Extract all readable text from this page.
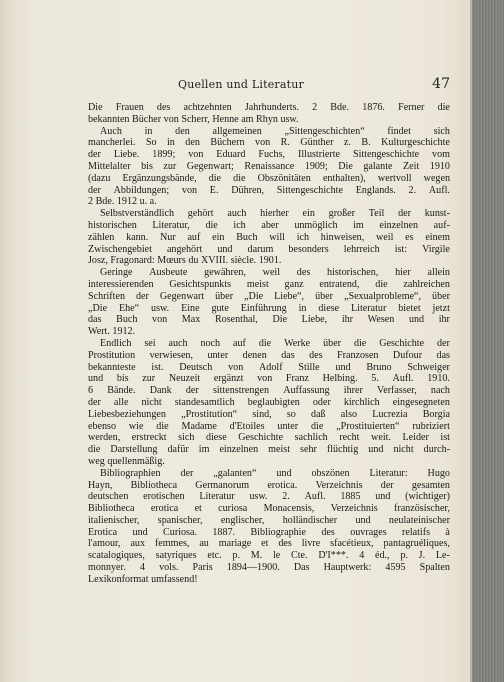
Quellen und Literatur	47
Die Frauen des achtzehnten Jahrhunderts. 2 Bde. 1876. Ferner die
bekannten Bücher von Scherr, Henne am Rhyn usw.
Auch in den allgemeinen „Sittengeschichten“ findet sich
mancherlei. So in den Büchern von R. Günther z. B. Kulturgeschichte
der Liebe. 1899; von Eduard Fuchs, Illustrierte Sittengeschichte vom
Mittelalter bis zur Gegenwart; Renaissance 1909; Die galante Zeit 1910
(dazu Ergänzungsbände, die die Obszönitäten enthalten), wertvoll wegen
der Abbildungen; von E. Dühren, Sittengeschichte Englands. 2. Aufl.
2 Bde. 1912 u. a.
Selbstverständlich gehört auch hierher ein großer Teil der kunst-
historischen Literatur, die ich aber unmöglich im einzelnen auf-
zählen kann. Nur auf ein Buch will ich hinweisen, weil es einem
Zwischengebiet angehört und darum besonders lehrreich ist: Virgile
Josz, Fragonard: Mœurs du XVIII. siècle. 1901.
Geringe Ausbeute gewähren, weil des historischen, hier allein
interessierenden Gesichtspunkts meist ganz entratend, die zahlreichen
Schriften der Gegenwart über „Die Liebe“, über „Sexualprobleme“, über
„Die Ehe“ usw. Eine gute Einführung in diese Literatur bietet jetzt
das Buch von Max Rosenthal, Die Liebe, ihr Wesen und ihr
Wert. 1912.
Endlich sei auch noch auf die Werke über die Geschichte der
Prostitution verwiesen, unter denen das des Franzosen Dufour das
bekannteste ist. Deutsch von Adolf Stille und Bruno Schweiger
und bis zur Neuzeit ergänzt von Franz Helbing. 5. Aufl. 1910.
6 Bände. Dank der sittenstrengen Auffassung ihrer Verfasser, nach
der alle nicht standesamtlich beglaubigten oder kirchlich eingesegneten
Liebesbeziehungen „Prostitution“ sind, so daß also Lucrezia Borgia
ebenso wie die Madame d'Etoiles unter die „Prostituierten“ rubriziert
werden, erstreckt sich diese Geschichte sachlich recht weit. Leider ist
die Darstellung dafür im einzelnen meist sehr flüchtig und nicht durch-
weg quellenmäßig.
Bibliographien der „galanten“ und obszönen Literatur: Hugo
Hayn, Bibliotheca Germanorum erotica. Verzeichnis der gesamten
deutschen erotischen Literatur usw. 2. Aufl. 1885 und (wichtiger)
Bibliotheca erotica et curiosa Monacensis, Verzeichnis französischer,
italienischer, spanischer, englischer, holländischer und neulateinischer
Erotica und Curiosa. 1887. Bibliographie des ouvrages relatifs à
l'amour, aux femmes, au mariage et des livre sfacétieux, pantagruéliques,
scatalogiques, satyriques etc. p. M. le Cte. D'I***. 4 éd., p. J. Le-
monnyer. 4 vols. Paris 1894—1900. Das Hauptwerk: 4595 Spalten
Lexikonformat umfassend!
